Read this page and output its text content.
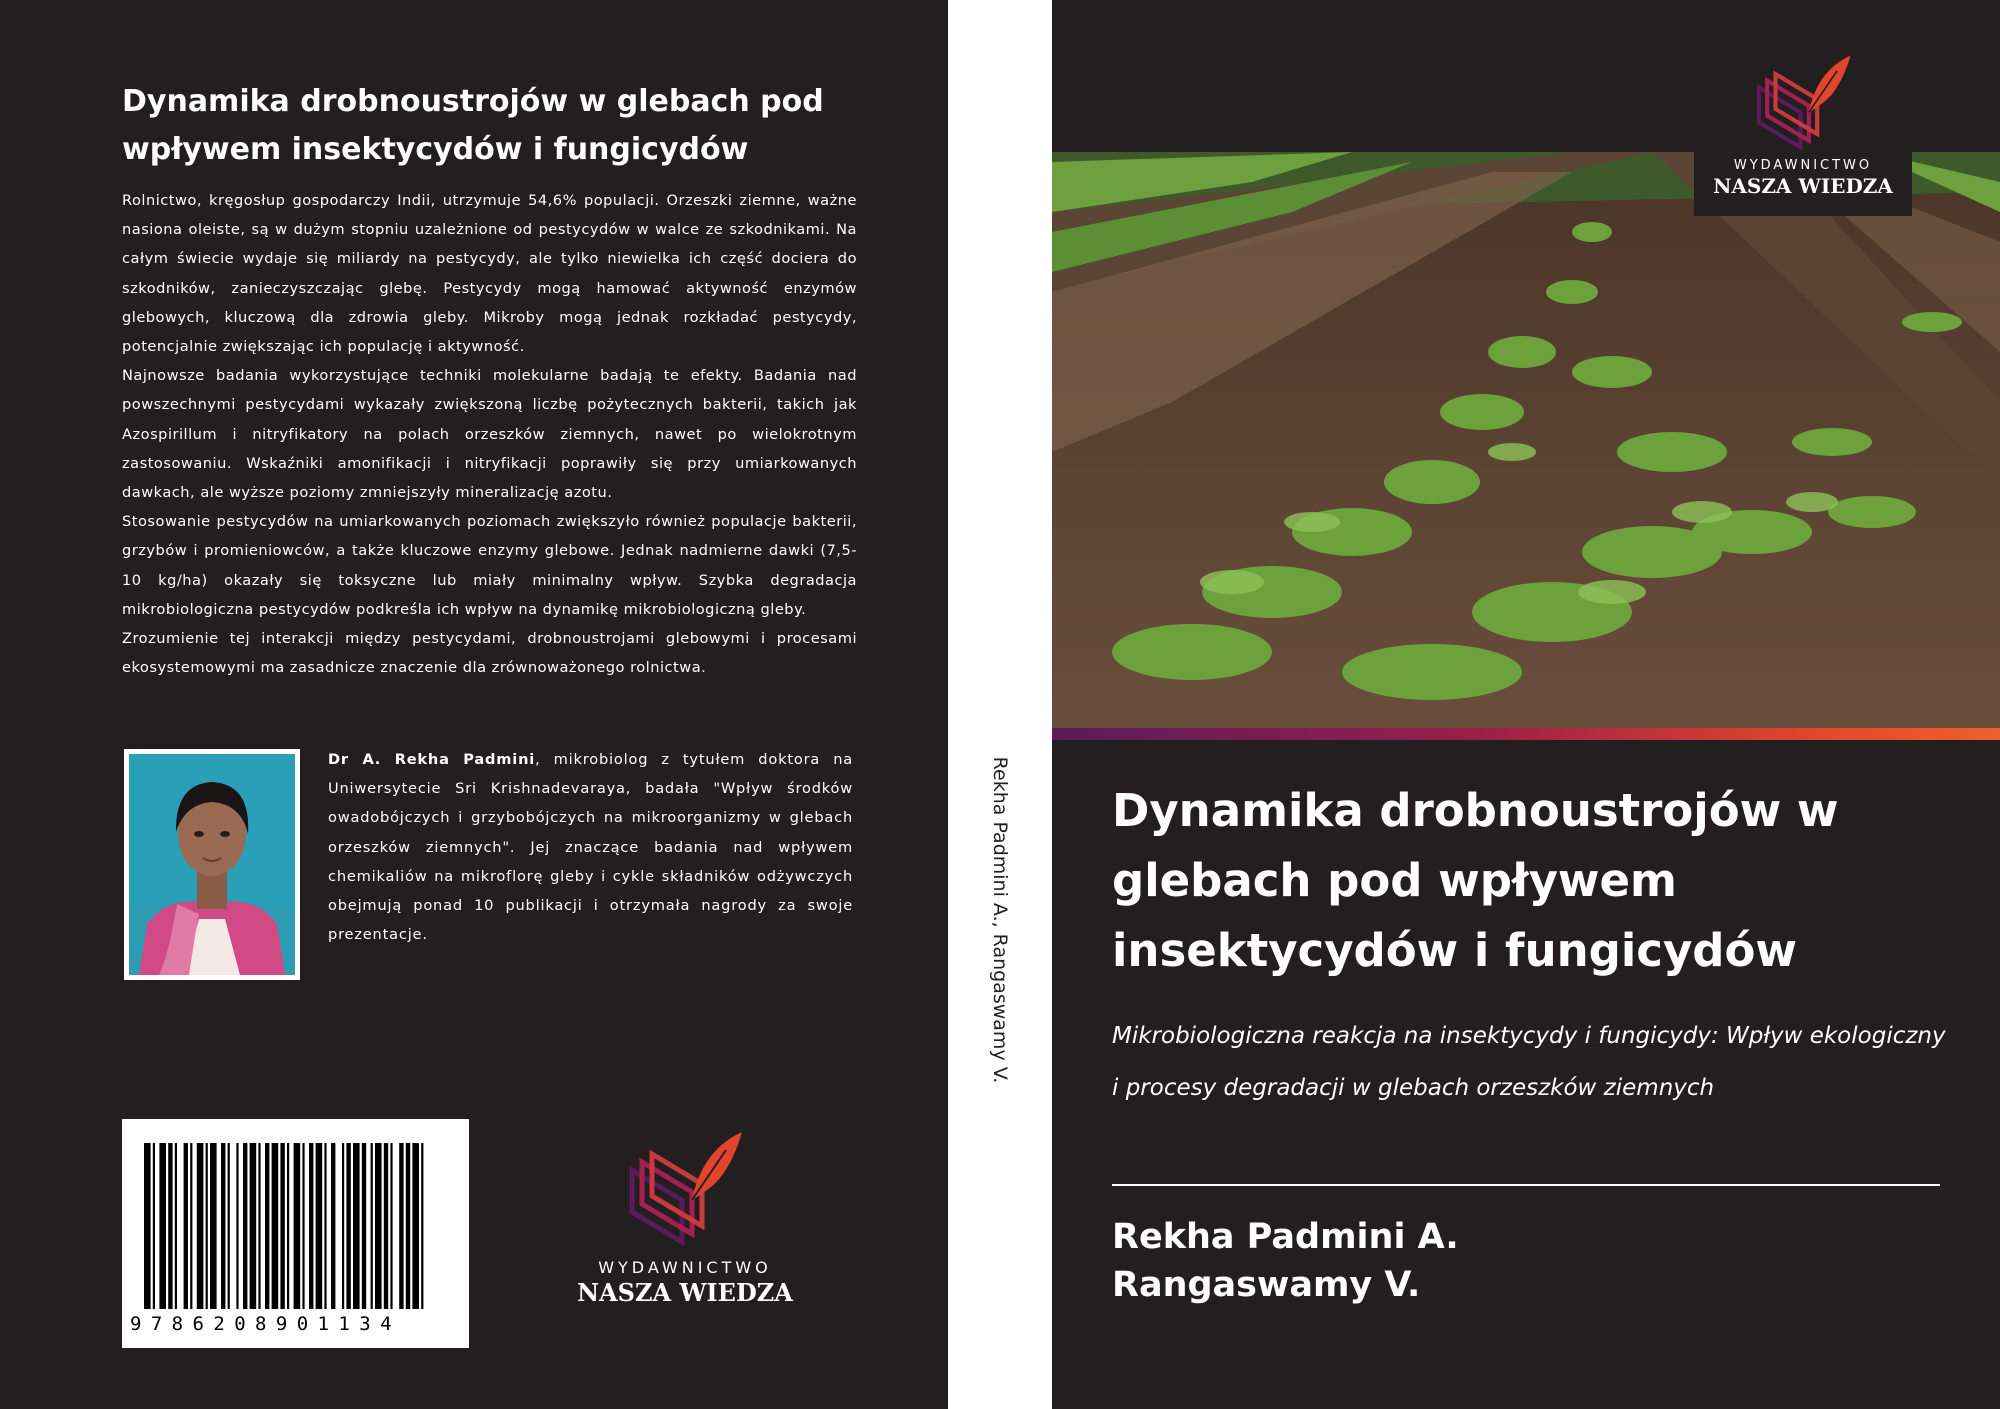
Dynamika drobnoustrojów w glebach pod wpływem insektycydów i fungicydów

Rolnictwo, kręgosłup gospodarczy Indii, utrzymuje 54,6% populacji. Orzeszki ziemne, ważne nasiona oleiste, są w dużym stopniu uzależnione od pestycydów w walce ze szkodnikami. Na całym świecie wydaje się miliardy na pestycydy, ale tylko niewielka ich część dociera do szkodników, zanieczyszczając glebę. Pestycydy mogą hamować aktywność enzymów glebowych, kluczową dla zdrowia gleby. Mikroby mogą jednak rozkładać pestycydy, potencjalnie zwiększając ich populację i aktywność.

Najnowsze badania wykorzystujące techniki molekularne badają te efekty. Badania nad powszechnymi pestycydami wykazały zwiększoną liczbę pożytecznych bakterii, takich jak Azospirillum i nitryfikatory na polach orzeszków ziemnych, nawet po wielokrotnym zastosowaniu. Wskaźniki amonifikacji i nitryfikacji poprawiły się przy umiarkowanych dawkach, ale wyższe poziomy zmniejszyły mineralizację azotu.

Stosowanie pestycydów na umiarkowanych poziomach zwiększyło również populacje bakterii, grzybów i promieniowców, a także kluczowe enzymy glebowe. Jednak nadmierne dawki (7,5-10 kg/ha) okazały się toksyczne lub miały minimalny wpływ. Szybka degradacja mikrobiologiczna pestycydów podkreśla ich wpływ na dynamikę mikrobiologiczną gleby.

Zrozumienie tej interakcji między pestycydami, drobnoustrojami glebowymi i procesami ekosystemowymi ma zasadnicze znaczenie dla zrównoważonego rolnictwa.

Dr A. Rekha Padmini, mikrobiolog z tytułem doktora na Uniwersytecie Sri Krishnadevaraya, badała "Wpływ środków owadobójczych i grzybobójczych na mikroorganizmy w glebach orzeszków ziemnych". Jej znaczące badania nad wpływem chemikaliów na mikroflorę gleby i cykle składników odżywczych obejmują ponad 10 publikacji i otrzymała nagrody za swoje prezentacje.

9786208901134
WYDAWNICTWO
NASZA WIEDZA
Rekha Padmini A., Rangaswamy V. Dynamika drobnoustrojów w glebach pod wpływem insektycydów i fungicydów

Mikrobiologiczna reakcja na insektycydy i fungicydy: Wpływ ekologiczny i procesy degradacji w glebach orzeszków ziemnych

Rekha Padmini A.
Rangaswamy V.
WYDAWNICTWO
NASZA WIEDZA
